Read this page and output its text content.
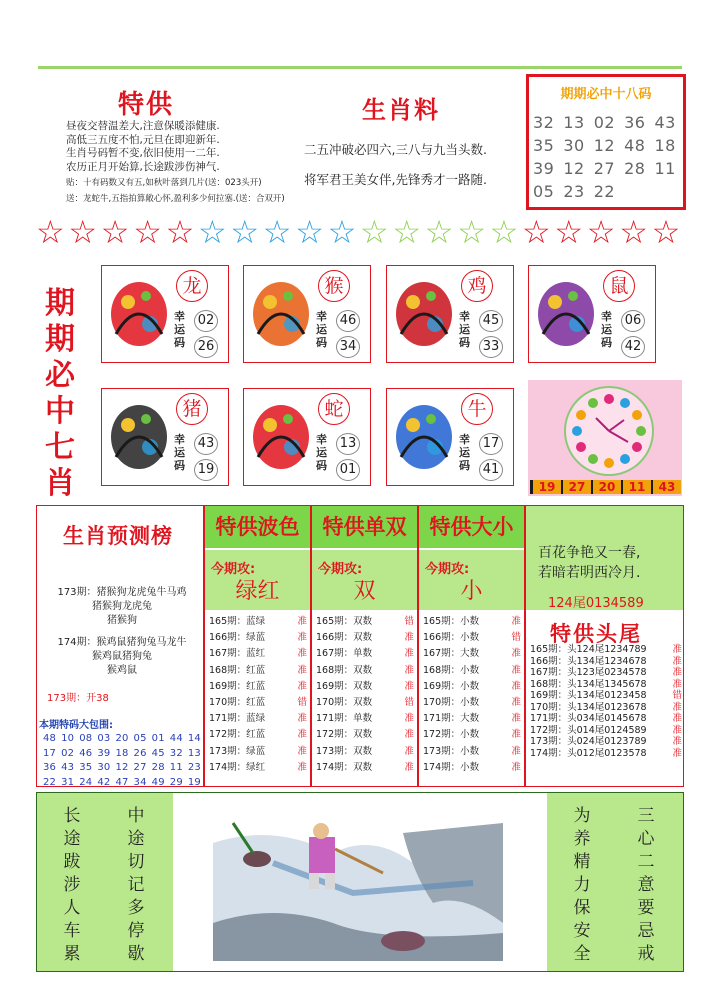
特供
昼夜交替温差大,注意保暖添健康.
高低三五度不怕,元旦在即迎新年.
生肖号码暂不变,依旧使用一二年.
农历正月开始算,长途跋涉伤神气.
贴：十有码数又有五,如秋叶落到几片(送：023头开)
送：龙蛇牛,五指拍算敞心怀,盈利多少何拉塞.(送：合双开)
生肖料
二五冲破必四六,三八与九当头数.
将军君王美女伴,先锋秀才一路随.
期期必中十八码
32 13 02 36 43
35 30 12 48 18
39 12 27 28 11
05 23 22
☆ ☆ ☆ ☆ ☆ ☆ ☆ ☆ ☆ ☆ ☆ ☆ ☆ ☆ ☆ ☆ ☆ ☆ ☆ ☆
期
期
必
中
七
肖
龙
幸
运
码
02
26
猴
幸
运
码
46
34
鸡
幸
运
码
45
33
鼠
幸
运
码
06
42
猪
幸
运
码
43
19
蛇
幸
运
码
13
01
牛
幸
运
码
17
41
19	27	20	11	43
生肖预测榜
173期：猪猴狗龙虎兔牛马鸡
猪猴狗龙虎兔
猪猴狗
174期：猴鸡鼠猪狗兔马龙牛
猴鸡鼠猪狗兔
猴鸡鼠
173期：开38
本期特码大包围:
48 10 08 03 20 05 01 44 14
17 02 46 39 18 26 45 32 13
36 43 35 30 12 27 28 11 23
22 31 24 42 47 34 49 29 19
特供波色
今期攻:
绿红
165期：蓝绿	准
166期：绿蓝	准
167期：蓝红	准
168期：红蓝	准
169期：红蓝	准
170期：红蓝	错
171期：蓝绿	准
172期：红蓝	准
173期：绿蓝	准
174期：绿红	准
特供单双
今期攻:
双
165期：双数	错
166期：双数	准
167期：单数	准
168期：双数	准
169期：双数	准
170期：双数	错
171期：单数	准
172期：双数	准
173期：双数	准
174期：双数	准
特供大小
今期攻:
小
165期：小数	准
166期：小数	错
167期：大数	准
168期：小数	准
169期：小数	准
170期：小数	准
171期：大数	准
172期：小数	准
173期：小数	准
174期：小数	准
百花争艳又一春,
若暗若明西冷月.
124尾0134589
特供头尾
165期：头124尾1234789	准
166期：头134尾1234678	准
167期：头123尾0234578	准
168期：头134尾1345678	准
169期：头134尾0123458	错
170期：头134尾0123678	准
171期：头034尾0145678	准
172期：头014尾0124589	准
173期：头024尾0123789	准
174期：头012尾0123578	准
长
途
跋
涉
人
车
累
中
途
切
记
多
停
歇
为
养
精
力
保
安
全
三
心
二
意
要
忌
戒
